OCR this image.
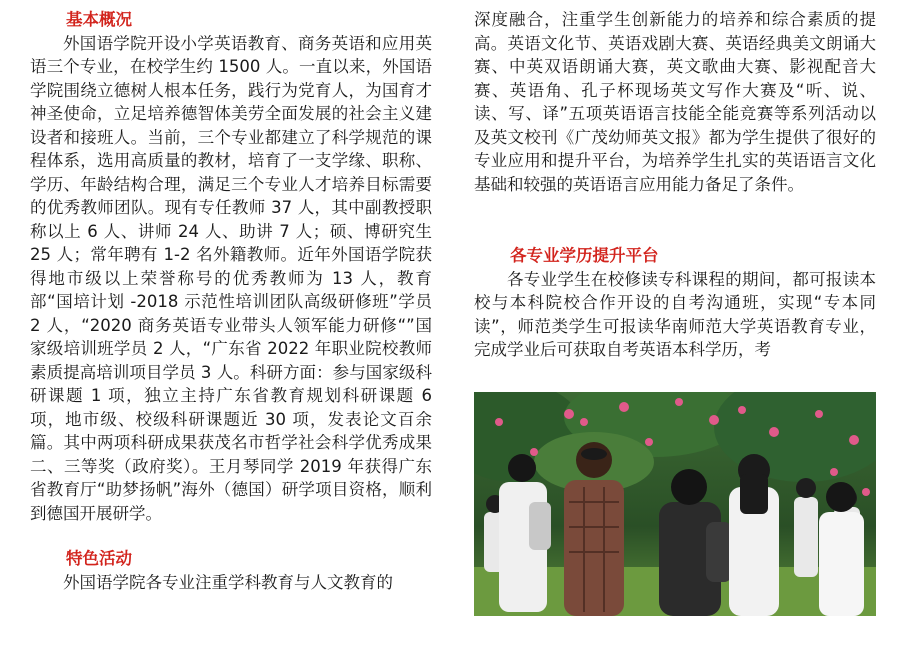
基本概况

外国语学院开设小学英语教育、商务英语和应用英语三个专业，在校学生约 1500 人。一直以来，外国语学院围绕立德树人根本任务，践行为党育人，为国育才神圣使命，立足培养德智体美劳全面发展的社会主义建设者和接班人。当前，三个专业都建立了科学规范的课程体系，选用高质量的教材，培育了一支学缘、职称、学历、年龄结构合理，满足三个专业人才培养目标需要的优秀教师团队。现有专任教师 37 人，其中副教授职称以上 6 人、讲师 24 人、助讲 7 人；硕、博研究生 25 人；常年聘有 1-2 名外籍教师。近年外国语学院获得地市级以上荣誉称号的优秀教师为 13 人，教育部“国培计划 -2018 示范性培训团队高级研修班”学员 2 人，“2020 商务英语专业带头人领军能力研修“”国家级培训班学员 2 人，“广东省 2022 年职业院校教师素质提高培训项目学员 3 人。科研方面：参与国家级科研课题 1 项，独立主持广东省教育规划科研课题 6 项，地市级、校级科研课题近 30 项，发表论文百余篇。其中两项科研成果获茂名市哲学社会科学优秀成果二、三等奖（政府奖）。王月琴同学 2019 年获得广东省教育厅“助梦扬帆”海外（德国）研学项目资格，顺利到德国开展研学。

特色活动

外国语学院各专业注重学科教育与人文教育的

深度融合，注重学生创新能力的培养和综合素质的提高。英语文化节、英语戏剧大赛、英语经典美文朗诵大赛、中英双语朗诵大赛，英文歌曲大赛、影视配音大赛、英语角、孔子杯现场英文写作大赛及“听、说、读、写、译”五项英语语言技能全能竞赛等系列活动以及英文校刊《广茂幼师英文报》都为学生提供了很好的专业应用和提升平台，为培养学生扎实的英语语言文化基础和较强的英语语言应用能力备足了条件。

各专业学历提升平台

各专业学生在校修读专科课程的期间，都可报读本校与本科院校合作开设的自考沟通班，实现“专本同读”，师范类学生可报读华南师范大学英语教育专业，完成学业后可获取自考英语本科学历，考
